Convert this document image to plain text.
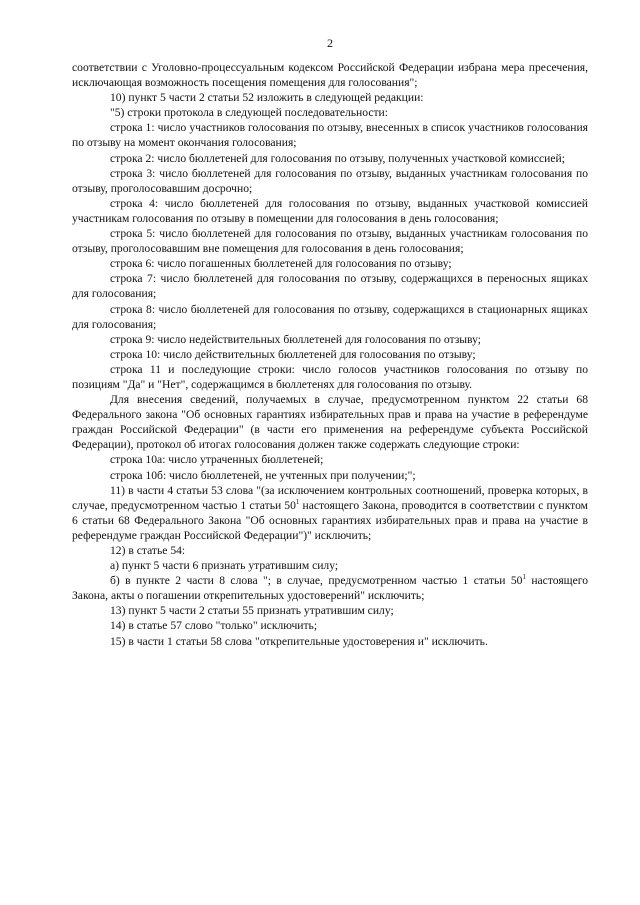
2

соответствии с Уголовно-процессуальным кодексом Российской Федерации избрана мера пресечения, исключающая возможность посещения помещения для голосования";

10) пункт 5 части 2 статьи 52 изложить в следующей редакции:

"5) строки протокола в следующей последовательности:

строка 1: число участников голосования по отзыву, внесенных в список участников голосования по отзыву на момент окончания голосования;

строка 2: число бюллетеней для голосования по отзыву, полученных участковой комиссией;

строка 3: число бюллетеней для голосования по отзыву, выданных участникам голосования по отзыву, проголосовавшим досрочно;

строка 4: число бюллетеней для голосования по отзыву, выданных участковой комиссией участникам голосования по отзыву в помещении для голосования в день голосования;

строка 5: число бюллетеней для голосования по отзыву, выданных участникам голосования по отзыву, проголосовавшим вне помещения для голосования в день голосования;

строка 6: число погашенных бюллетеней для голосования по отзыву;

строка 7: число бюллетеней для голосования по отзыву, содержащихся в переносных ящиках для голосования;

строка 8: число бюллетеней для голосования по отзыву, содержащихся в стационарных ящиках для голосования;

строка 9: число недействительных бюллетеней для голосования по отзыву;

строка 10: число действительных бюллетеней для голосования по отзыву;

строка 11 и последующие строки: число голосов участников голосования по отзыву по позициям "Да" и "Нет", содержащимся в бюллетенях для голосования по отзыву.

Для внесения сведений, получаемых в случае, предусмотренном пунктом 22 статьи 68 Федерального закона "Об основных гарантиях избирательных прав и права на участие в референдуме граждан Российской Федерации" (в части его применения на референдуме субъекта Российской Федерации), протокол об итогах голосования должен также содержать следующие строки:

строка 10а: число утраченных бюллетеней;

строка 10б: число бюллетеней, не учтенных при получении;";

11) в части 4 статьи 53 слова "(за исключением контрольных соотношений, проверка которых, в случае, предусмотренном частью 1 статьи $50^1$ настоящего Закона, проводится в соответствии с пунктом 6 статьи 68 Федерального Закона "Об основных гарантиях избирательных прав и права на участие в референдуме граждан Российской Федерации")" исключить;

12) в статье 54:

а) пункт 5 части 6 признать утратившим силу;

б) в пункте 2 части 8 слова "; в случае, предусмотренном частью 1 статьи $50^1$ настоящего Закона, акты о погашении открепительных удостоверений" исключить;

13) пункт 5 части 2 статьи 55 признать утратившим силу;

14) в статье 57 слово "только" исключить;

15) в части 1 статьи 58 слова "открепительные удостоверения и" исключить.
